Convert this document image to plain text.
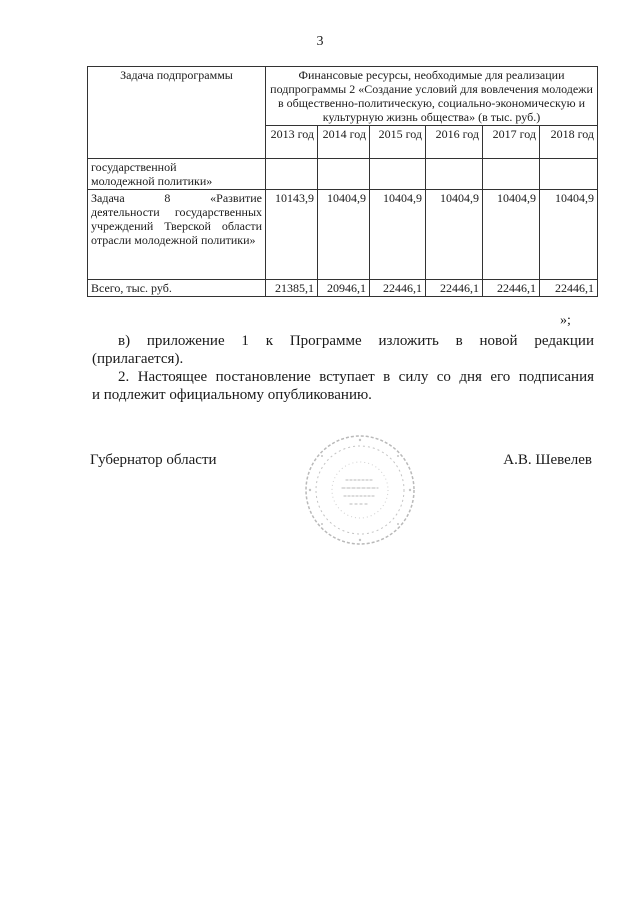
3
Задача подпрограммы	Финансовые ресурсы, необходимые для реализации подпрограммы 2 «Создание условий для вовлечения молодежи в общественно-политическую, социально-экономическую и культурную жизнь общества» (в тыс. руб.)					
	2013 год	2014 год	2015 год	2016 год	2017 год	2018 год

государственной
молодежной политики»						

Задача 8 «Развитие
деятельности государственных учреждений Тверской области отрасли молодежной политики»	10143,9	10404,9	10404,9	10404,9	10404,9	10404,9
Всего, тыс. руб.	21385,1	20946,1	22446,1	22446,1	22446,1	22446,1
»;
в) приложение 1 к Программе изложить в новой редакции
(прилагается).
2. Настоящее постановление вступает в силу со дня его подписания
и подлежит официальному опубликованию.
Губернатор области	А.В. Шевелев
